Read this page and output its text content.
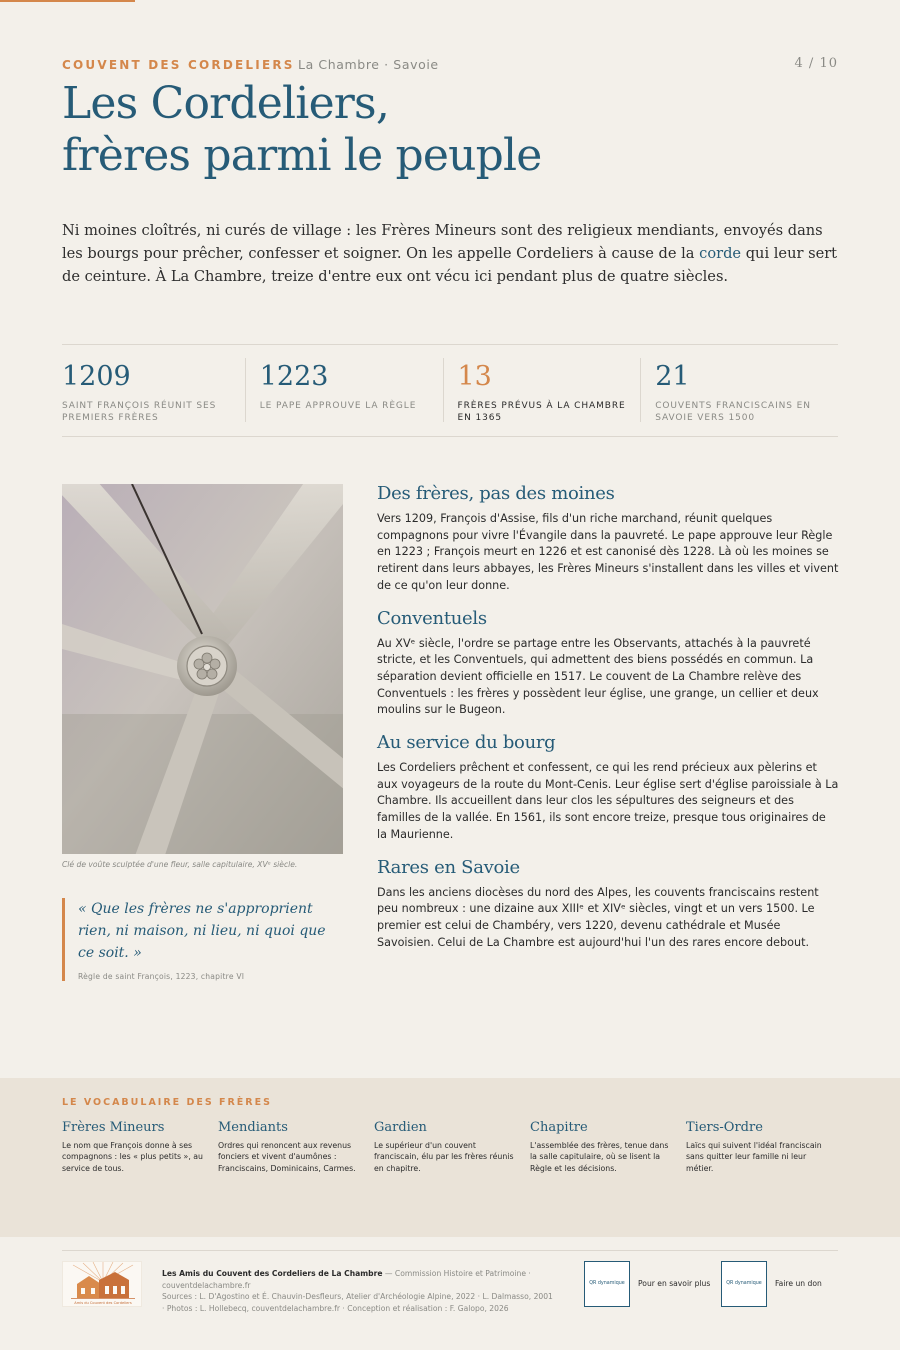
COUVENT DES CORDELIERS La Chambre · Savoie	4 / 10
Les Cordeliers,
frères parmi le peuple

Ni moines cloîtrés, ni curés de village : les Frères Mineurs sont des religieux mendiants, envoyés dans les bourgs pour prêcher, confesser et soigner. On les appelle Cordeliers à cause de la corde qui leur sert de ceinture. À La Chambre, treize d'entre eux ont vécu ici pendant plus de quatre siècles.

1209
SAINT FRANÇOIS RÉUNIT SES PREMIERS FRÈRES
1223
LE PAPE APPROUVE LA RÈGLE
13
FRÈRES PRÉVUS À LA CHAMBRE EN 1365
21
COUVENTS FRANCISCAINS EN SAVOIE VERS 1500
Clé de voûte sculptée d'une fleur, salle capitulaire, XVᵉ siècle.
« Que les frères ne s'approprient rien, ni maison, ni lieu, ni quoi que ce soit. »
Règle de saint François, 1223, chapitre VI
Des frères, pas des moines

Vers 1209, François d'Assise, fils d'un riche marchand, réunit quelques compagnons pour vivre l'Évangile dans la pauvreté. Le pape approuve leur Règle en 1223 ; François meurt en 1226 et est canonisé dès 1228. Là où les moines se retirent dans leurs abbayes, les Frères Mineurs s'installent dans les villes et vivent de ce qu'on leur donne.

Conventuels

Au XVᵉ siècle, l'ordre se partage entre les Observants, attachés à la pauvreté stricte, et les Conventuels, qui admettent des biens possédés en commun. La séparation devient officielle en 1517. Le couvent de La Chambre relève des Conventuels : les frères y possèdent leur église, une grange, un cellier et deux moulins sur le Bugeon.

Au service du bourg

Les Cordeliers prêchent et confessent, ce qui les rend précieux aux pèlerins et aux voyageurs de la route du Mont-Cenis. Leur église sert d'église paroissiale à La Chambre. Ils accueillent dans leur clos les sépultures des seigneurs et des familles de la vallée. En 1561, ils sont encore treize, presque tous originaires de la Maurienne.

Rares en Savoie

Dans les anciens diocèses du nord des Alpes, les couvents franciscains restent peu nombreux : une dizaine aux XIIIᵉ et XIVᵉ siècles, vingt et un vers 1500. Le premier est celui de Chambéry, vers 1220, devenu cathédrale et Musée Savoisien. Celui de La Chambre est aujourd'hui l'un des rares encore debout.

LE VOCABULAIRE DES FRÈRES
Frères Mineurs
Le nom que François donne à ses compagnons : les « plus petits », au service de tous.
Mendiants
Ordres qui renoncent aux revenus fonciers et vivent d'aumônes : Franciscains, Dominicains, Carmes.
Gardien
Le supérieur d'un couvent franciscain, élu par les frères réunis en chapitre.
Chapitre
L'assemblée des frères, tenue dans la salle capitulaire, où se lisent la Règle et les décisions.
Tiers-Ordre
Laïcs qui suivent l'idéal franciscain sans quitter leur famille ni leur métier.
Amis du Couvent des Cordeliers
Les Amis du Couvent des Cordeliers de La Chambre — Commission Histoire et Patrimoine · couventdelachambre.fr
Sources : L. D'Agostino et É. Chauvin-Desfleurs, Atelier d'Archéologie Alpine, 2022 · L. Dalmasso, 2001 · Photos : L. Hollebecq, couventdelachambre.fr · Conception et réalisation : F. Galopo, 2026
QR dynamique Pour en savoir plus	QR dynamique Faire un don
